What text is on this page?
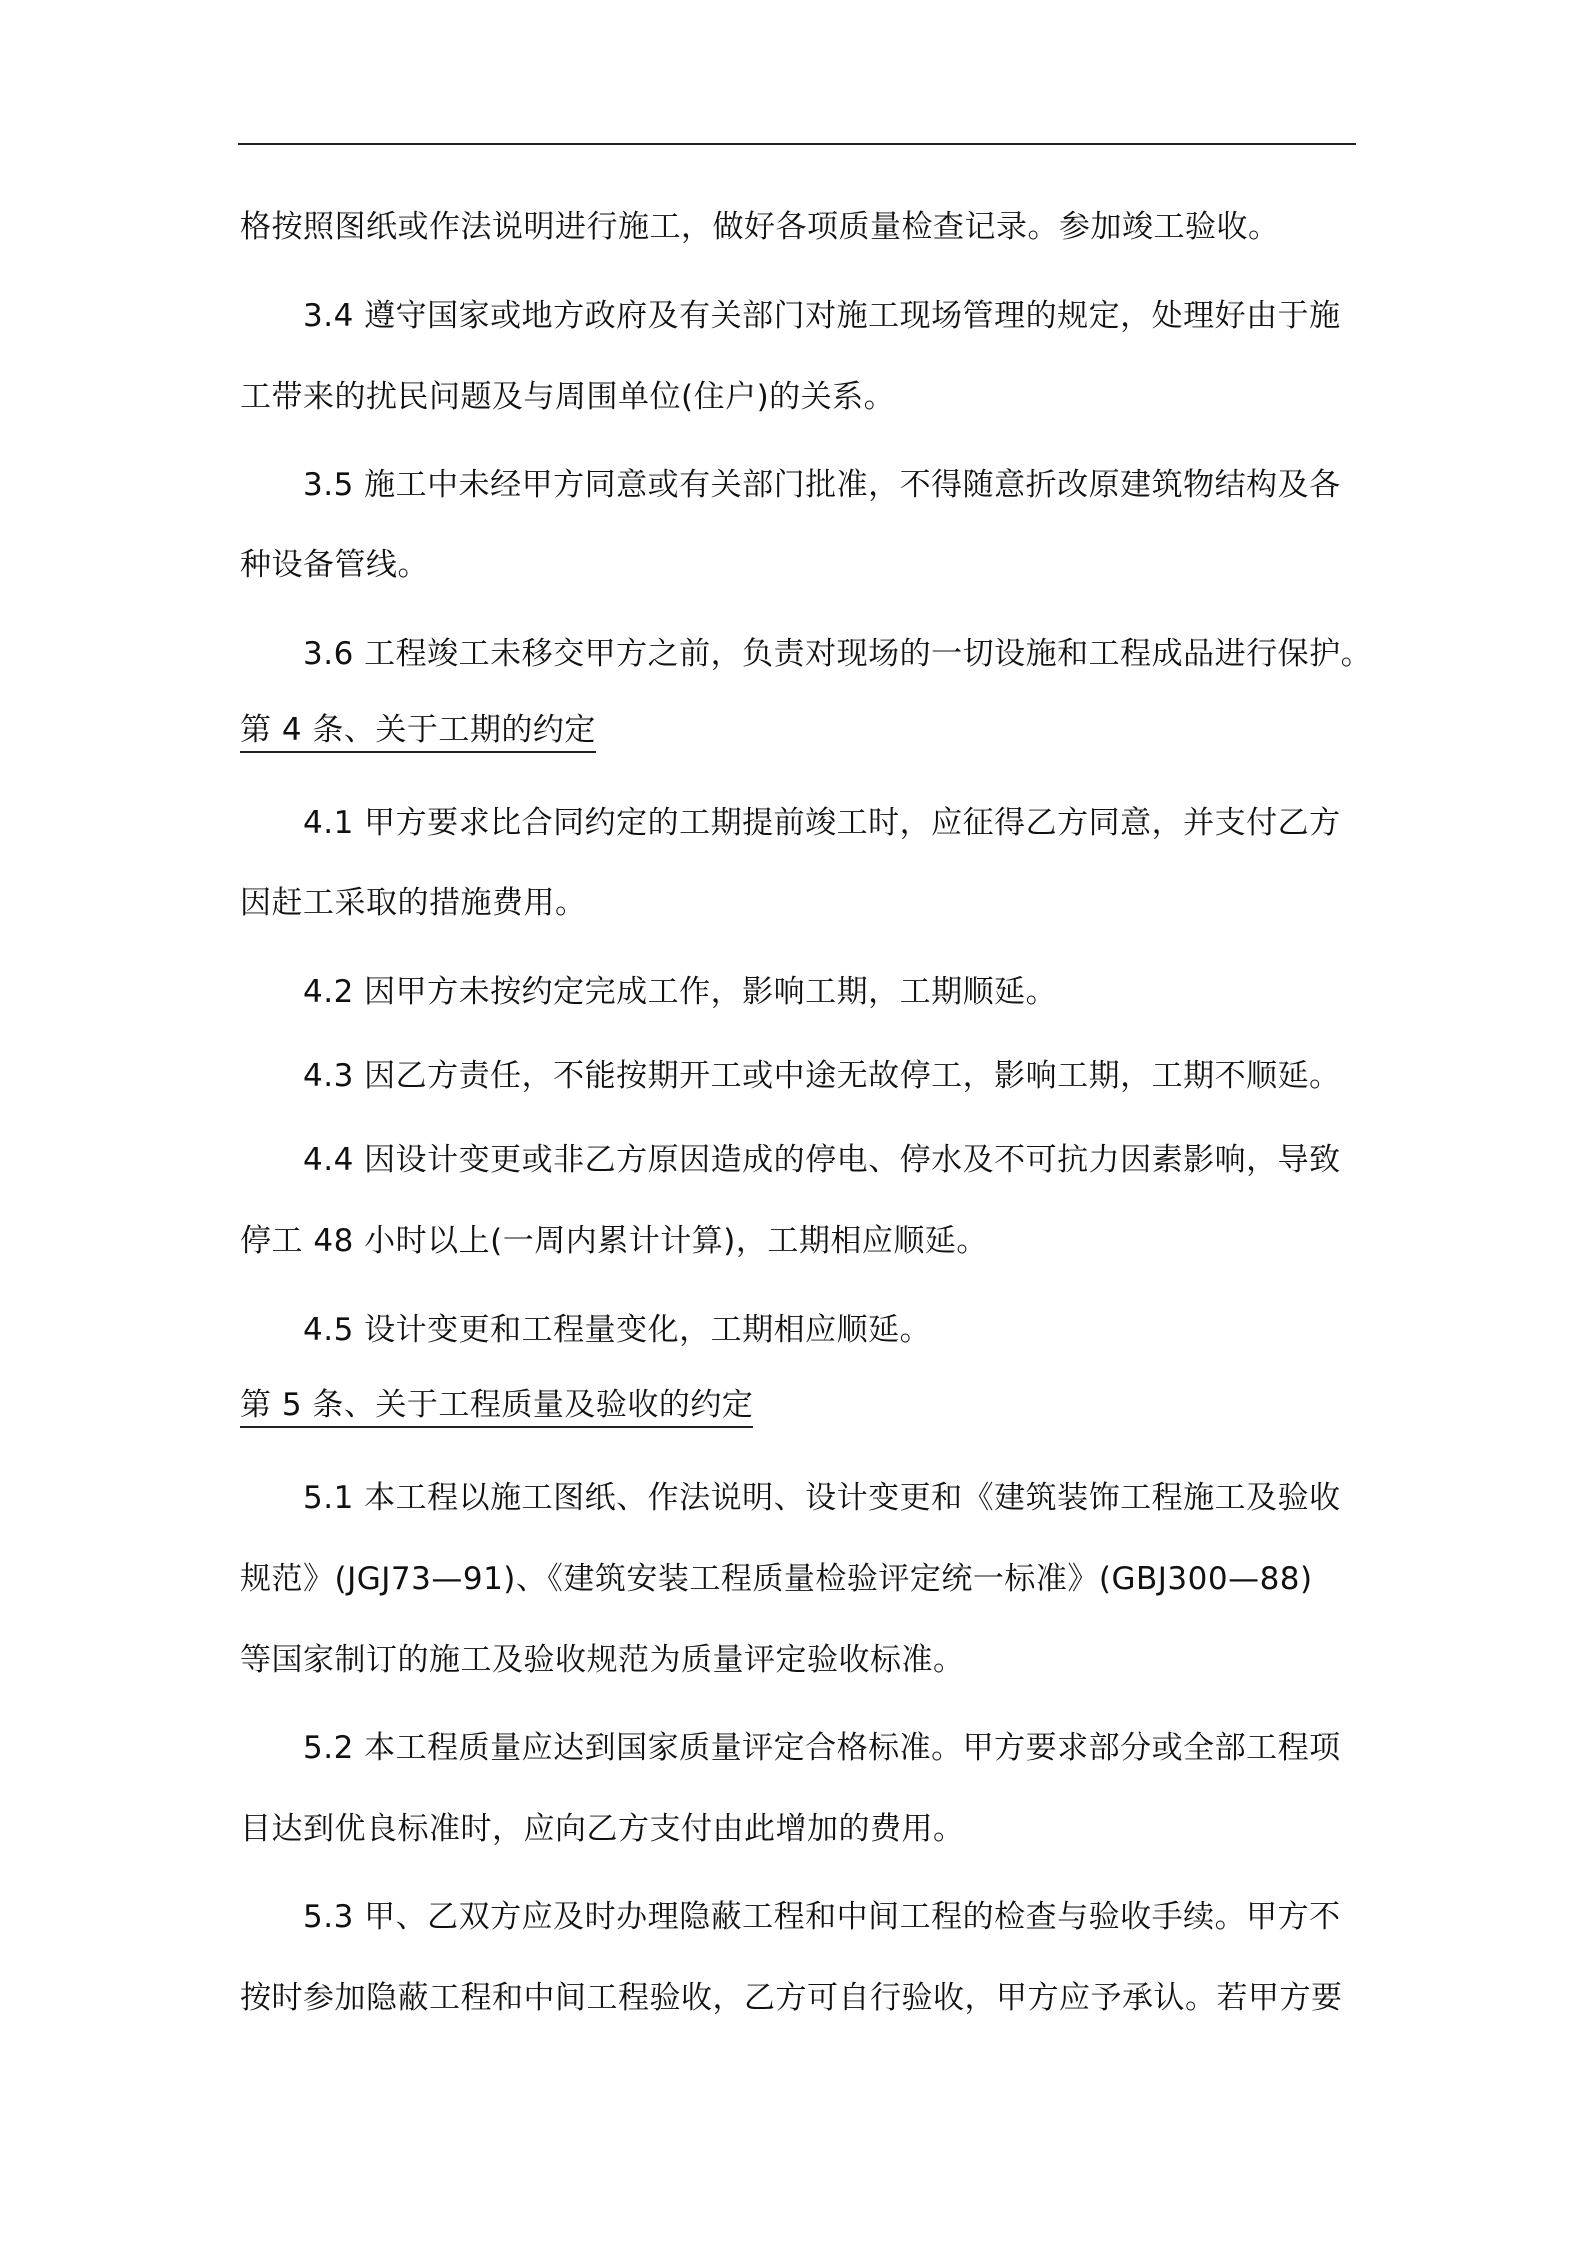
格按照图纸或作法说明进行施工，做好各项质量检查记录。参加竣工验收。
3.4 遵守国家或地方政府及有关部门对施工现场管理的规定，处理好由于施
工带来的扰民问题及与周围单位(住户)的关系。
3.5 施工中未经甲方同意或有关部门批准，不得随意折改原建筑物结构及各
种设备管线。
3.6 工程竣工未移交甲方之前，负责对现场的一切设施和工程成品进行保护。
第 4 条、关于工期的约定
4.1 甲方要求比合同约定的工期提前竣工时，应征得乙方同意，并支付乙方
因赶工采取的措施费用。
4.2 因甲方未按约定完成工作，影响工期，工期顺延。
4.3 因乙方责任，不能按期开工或中途无故停工，影响工期，工期不顺延。
4.4 因设计变更或非乙方原因造成的停电、停水及不可抗力因素影响，导致
停工 48 小时以上(一周内累计计算)，工期相应顺延。
4.5 设计变更和工程量变化，工期相应顺延。
第 5 条、关于工程质量及验收的约定
5.1 本工程以施工图纸、作法说明、设计变更和《建筑装饰工程施工及验收
规范》(JGJ73—91)、《建筑安装工程质量检验评定统一标准》(GBJ300—88)
等国家制订的施工及验收规范为质量评定验收标准。
5.2 本工程质量应达到国家质量评定合格标准。甲方要求部分或全部工程项
目达到优良标准时，应向乙方支付由此增加的费用。
5.3 甲、乙双方应及时办理隐蔽工程和中间工程的检查与验收手续。甲方不
按时参加隐蔽工程和中间工程验收，乙方可自行验收，甲方应予承认。若甲方要
